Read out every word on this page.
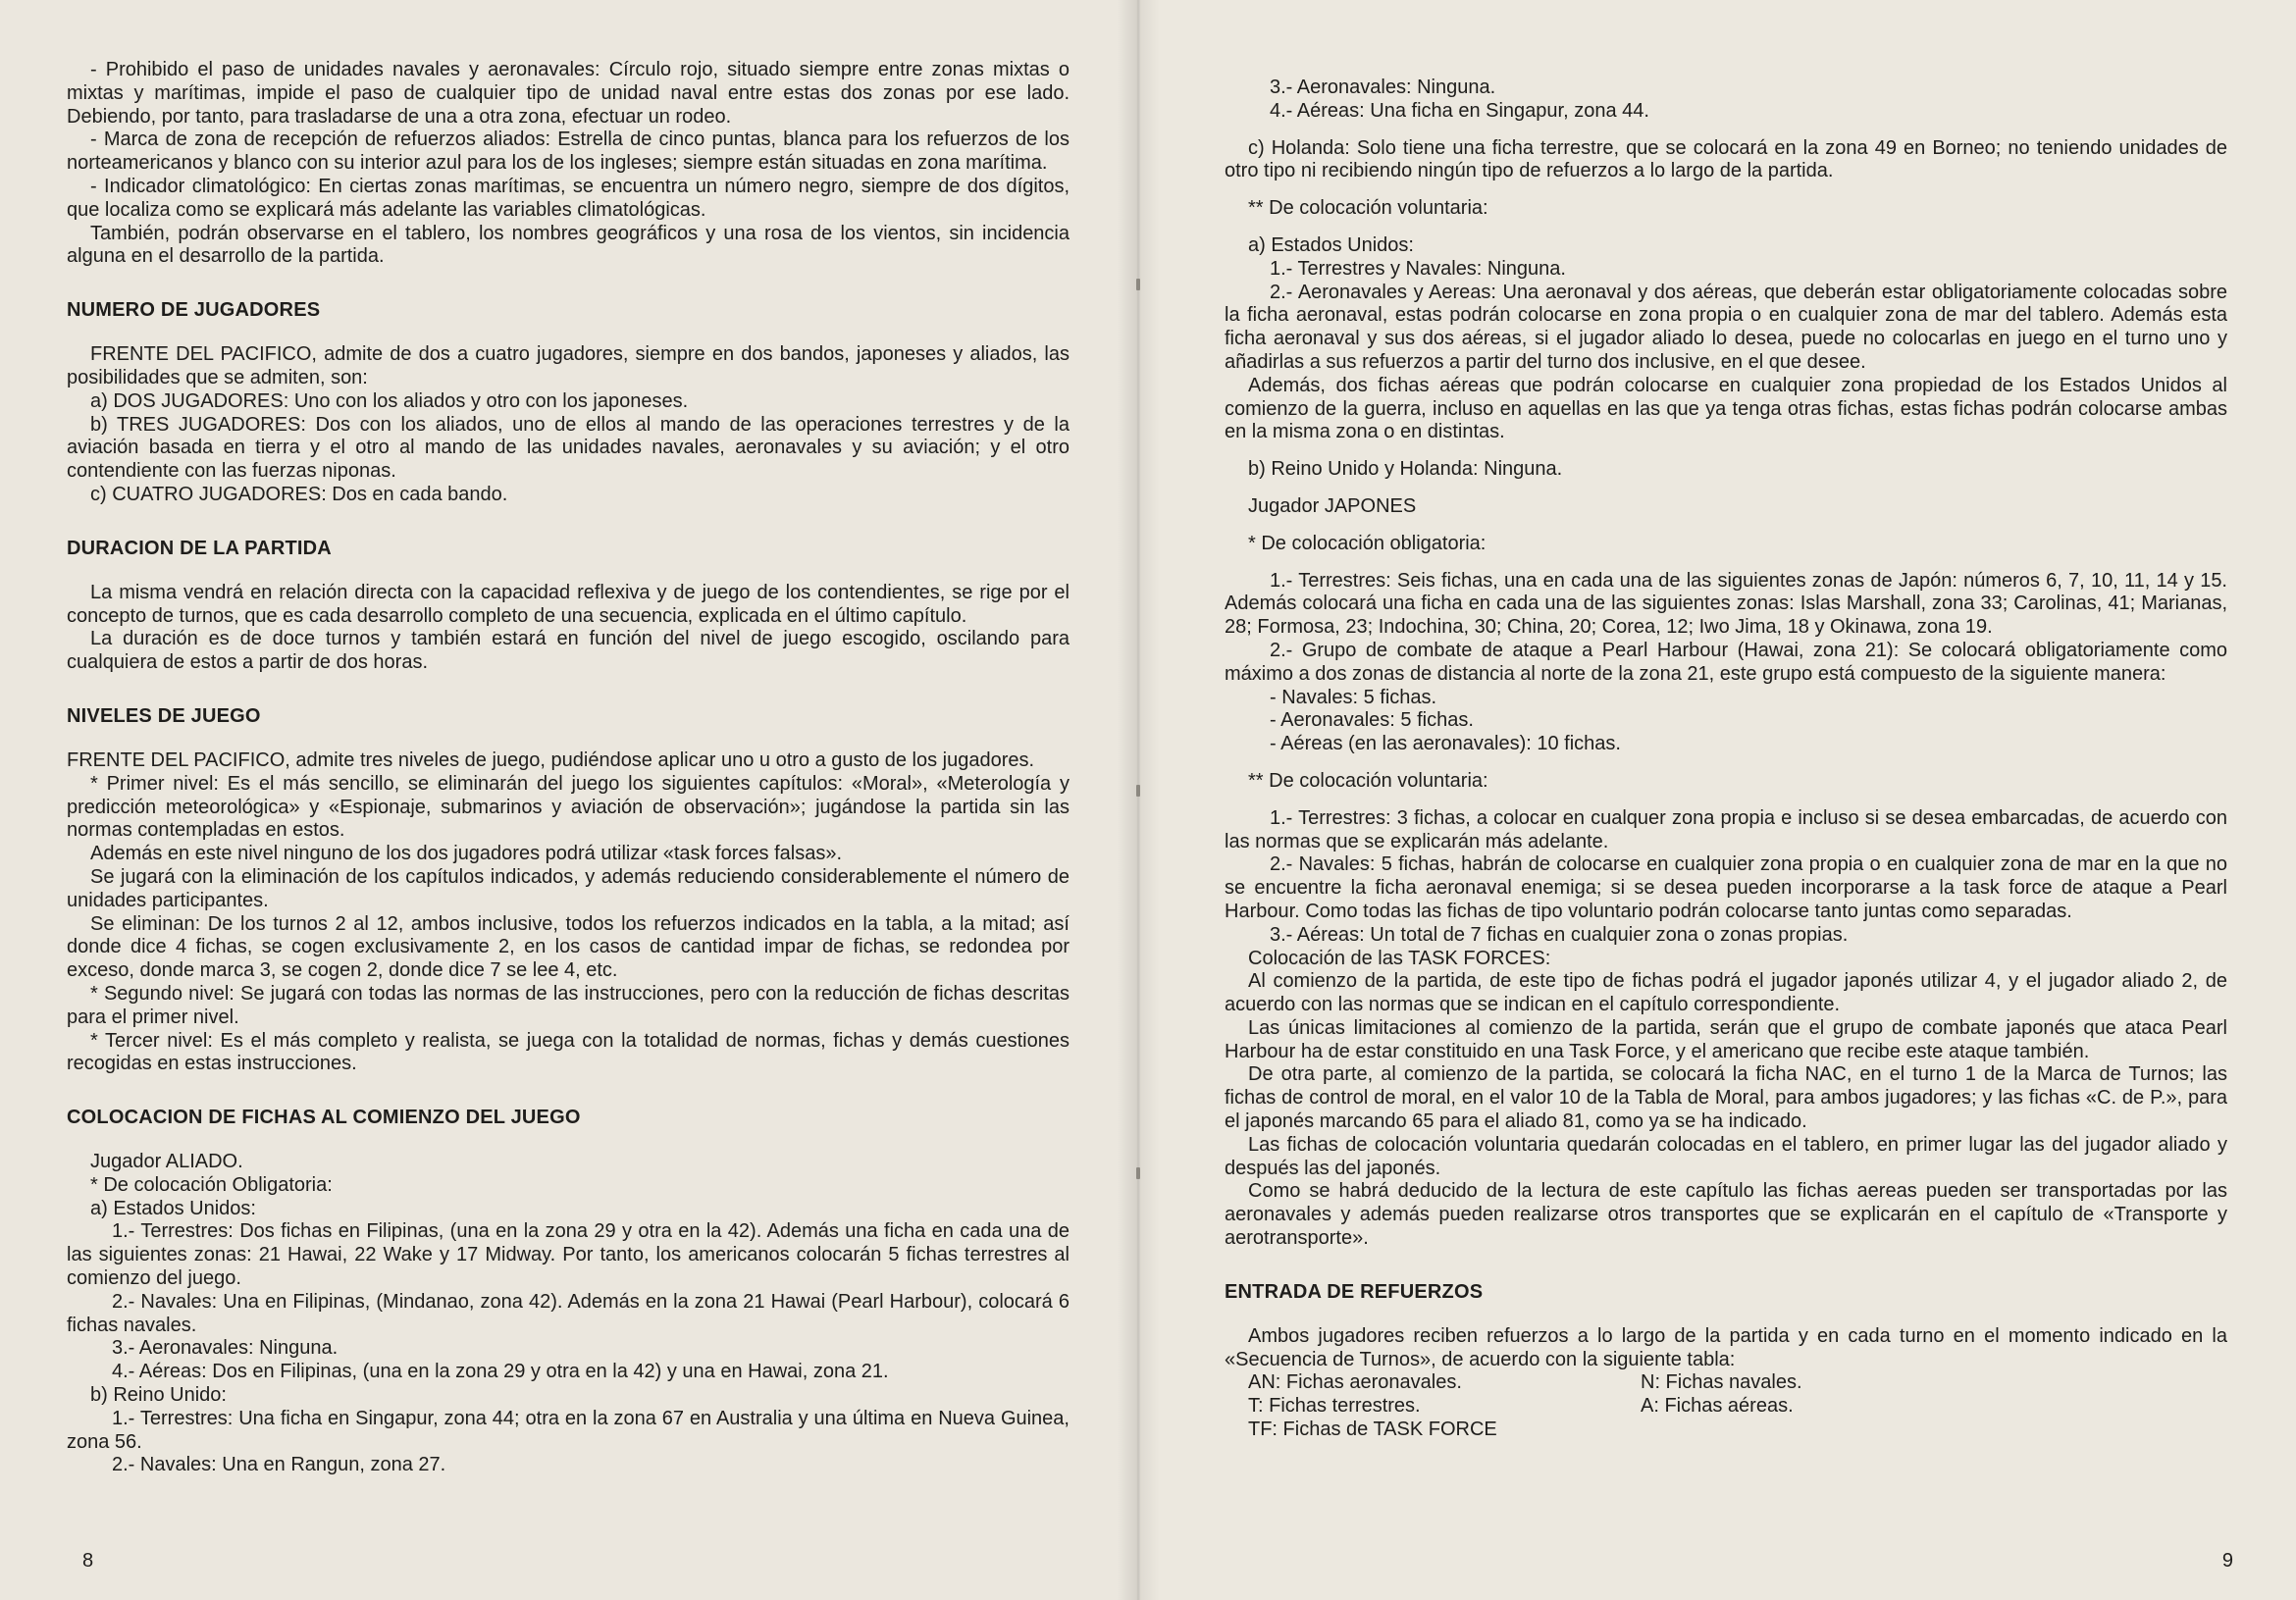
- Prohibido el paso de unidades navales y aeronavales: Círculo rojo, situado siempre entre zonas mixtas o mixtas y marítimas, impide el paso de cualquier tipo de unidad naval entre estas dos zonas por ese lado. Debiendo, por tanto, para trasladarse de una a otra zona, efectuar un rodeo.

- Marca de zona de recepción de refuerzos aliados: Estrella de cinco puntas, blanca para los refuerzos de los norteamericanos y blanco con su interior azul para los de los ingleses; siempre están situadas en zona marítima.

- Indicador climatológico: En ciertas zonas marítimas, se encuentra un número negro, siempre de dos dígitos, que localiza como se explicará más adelante las variables climatológicas.

También, podrán observarse en el tablero, los nombres geográficos y una rosa de los vientos, sin incidencia alguna en el desarrollo de la partida.

NUMERO DE JUGADORES

FRENTE DEL PACIFICO, admite de dos a cuatro jugadores, siempre en dos bandos, japoneses y aliados, las posibilidades que se admiten, son:

a) DOS JUGADORES: Uno con los aliados y otro con los japoneses.

b) TRES JUGADORES: Dos con los aliados, uno de ellos al mando de las operaciones terrestres y de la aviación basada en tierra y el otro al mando de las unidades navales, aeronavales y su aviación; y el otro contendiente con las fuerzas niponas.

c) CUATRO JUGADORES: Dos en cada bando.

DURACION DE LA PARTIDA

La misma vendrá en relación directa con la capacidad reflexiva y de juego de los contendientes, se rige por el concepto de turnos, que es cada desarrollo completo de una secuencia, explicada en el último capítulo.

La duración es de doce turnos y también estará en función del nivel de juego escogido, oscilando para cualquiera de estos a partir de dos horas.

NIVELES DE JUEGO

FRENTE DEL PACIFICO, admite tres niveles de juego, pudiéndose aplicar uno u otro a gusto de los jugadores.

* Primer nivel: Es el más sencillo, se eliminarán del juego los siguientes capítulos: «Moral», «Meterología y predicción meteorológica» y «Espionaje, submarinos y aviación de observación»; jugándose la partida sin las normas contempladas en estos.

Además en este nivel ninguno de los dos jugadores podrá utilizar «task forces falsas».

Se jugará con la eliminación de los capítulos indicados, y además reduciendo considerablemente el número de unidades participantes.

Se eliminan: De los turnos 2 al 12, ambos inclusive, todos los refuerzos indicados en la tabla, a la mitad; así donde dice 4 fichas, se cogen exclusivamente 2, en los casos de cantidad impar de fichas, se redondea por exceso, donde marca 3, se cogen 2, donde dice 7 se lee 4, etc.

* Segundo nivel: Se jugará con todas las normas de las instrucciones, pero con la reducción de fichas descritas para el primer nivel.

* Tercer nivel: Es el más completo y realista, se juega con la totalidad de normas, fichas y demás cuestiones recogidas en estas instrucciones.

COLOCACION DE FICHAS AL COMIENZO DEL JUEGO

Jugador ALIADO.

* De colocación Obligatoria:

a) Estados Unidos:

1.- Terrestres: Dos fichas en Filipinas, (una en la zona 29 y otra en la 42). Además una ficha en cada una de las siguientes zonas: 21 Hawai, 22 Wake y 17 Midway. Por tanto, los americanos colocarán 5 fichas terrestres al comienzo del juego.

2.- Navales: Una en Filipinas, (Mindanao, zona 42). Además en la zona 21 Hawai (Pearl Harbour), colocará 6 fichas navales.

3.- Aeronavales: Ninguna.

4.- Aéreas: Dos en Filipinas, (una en la zona 29 y otra en la 42) y una en Hawai, zona 21.

b) Reino Unido:

1.- Terrestres: Una ficha en Singapur, zona 44; otra en la zona 67 en Australia y una última en Nueva Guinea, zona 56.

2.- Navales: Una en Rangun, zona 27.

8

3.- Aeronavales: Ninguna.

4.- Aéreas: Una ficha en Singapur, zona 44.

c) Holanda: Solo tiene una ficha terrestre, que se colocará en la zona 49 en Borneo; no teniendo unidades de otro tipo ni recibiendo ningún tipo de refuerzos a lo largo de la partida.

** De colocación voluntaria:

a) Estados Unidos:

1.- Terrestres y Navales: Ninguna.

2.- Aeronavales y Aereas: Una aeronaval y dos aéreas, que deberán estar obligatoriamente colocadas sobre la ficha aeronaval, estas podrán colocarse en zona propia o en cualquier zona de mar del tablero. Además esta ficha aeronaval y sus dos aéreas, si el jugador aliado lo desea, puede no colocarlas en juego en el turno uno y añadirlas a sus refuerzos a partir del turno dos inclusive, en el que desee.

Además, dos fichas aéreas que podrán colocarse en cualquier zona propiedad de los Estados Unidos al comienzo de la guerra, incluso en aquellas en las que ya tenga otras fichas, estas fichas podrán colocarse ambas en la misma zona o en distintas.

b) Reino Unido y Holanda: Ninguna.

Jugador JAPONES

* De colocación obligatoria:

1.- Terrestres: Seis fichas, una en cada una de las siguientes zonas de Japón: números 6, 7, 10, 11, 14 y 15. Además colocará una ficha en cada una de las siguientes zonas: Islas Marshall, zona 33; Carolinas, 41; Marianas, 28; Formosa, 23; Indochina, 30; China, 20; Corea, 12; Iwo Jima, 18 y Okinawa, zona 19.

2.- Grupo de combate de ataque a Pearl Harbour (Hawai, zona 21): Se colocará obligatoriamente como máximo a dos zonas de distancia al norte de la zona 21, este grupo está compuesto de la siguiente manera:

- Navales: 5 fichas.

- Aeronavales: 5 fichas.

- Aéreas (en las aeronavales): 10 fichas.

** De colocación voluntaria:

1.- Terrestres: 3 fichas, a colocar en cualquer zona propia e incluso si se desea embarcadas, de acuerdo con las normas que se explicarán más adelante.

2.- Navales: 5 fichas, habrán de colocarse en cualquier zona propia o en cualquier zona de mar en la que no se encuentre la ficha aeronaval enemiga; si se desea pueden incorporarse a la task force de ataque a Pearl Harbour. Como todas las fichas de tipo voluntario podrán colocarse tanto juntas como separadas.

3.- Aéreas: Un total de 7 fichas en cualquier zona o zonas propias.

Colocación de las TASK FORCES:

Al comienzo de la partida, de este tipo de fichas podrá el jugador japonés utilizar 4, y el jugador aliado 2, de acuerdo con las normas que se indican en el capítulo correspondiente.

Las únicas limitaciones al comienzo de la partida, serán que el grupo de combate japonés que ataca Pearl Harbour ha de estar constituido en una Task Force, y el americano que recibe este ataque también.

De otra parte, al comienzo de la partida, se colocará la ficha NAC, en el turno 1 de la Marca de Turnos; las fichas de control de moral, en el valor 10 de la Tabla de Moral, para ambos jugadores; y las fichas «C. de P.», para el japonés marcando 65 para el aliado 81, como ya se ha indicado.

Las fichas de colocación voluntaria quedarán colocadas en el tablero, en primer lugar las del jugador aliado y después las del japonés.

Como se habrá deducido de la lectura de este capítulo las fichas aereas pueden ser transportadas por las aeronavales y además pueden realizarse otros transportes que se explicarán en el capítulo de «Transporte y aerotransporte».

ENTRADA DE REFUERZOS

Ambos jugadores reciben refuerzos a lo largo de la partida y en cada turno en el momento indicado en la «Secuencia de Turnos», de acuerdo con la siguiente tabla:

AN: Fichas aeronavales.	N: Fichas navales.
T: Fichas terrestres.	A: Fichas aéreas.
TF: Fichas de TASK FORCE
9
